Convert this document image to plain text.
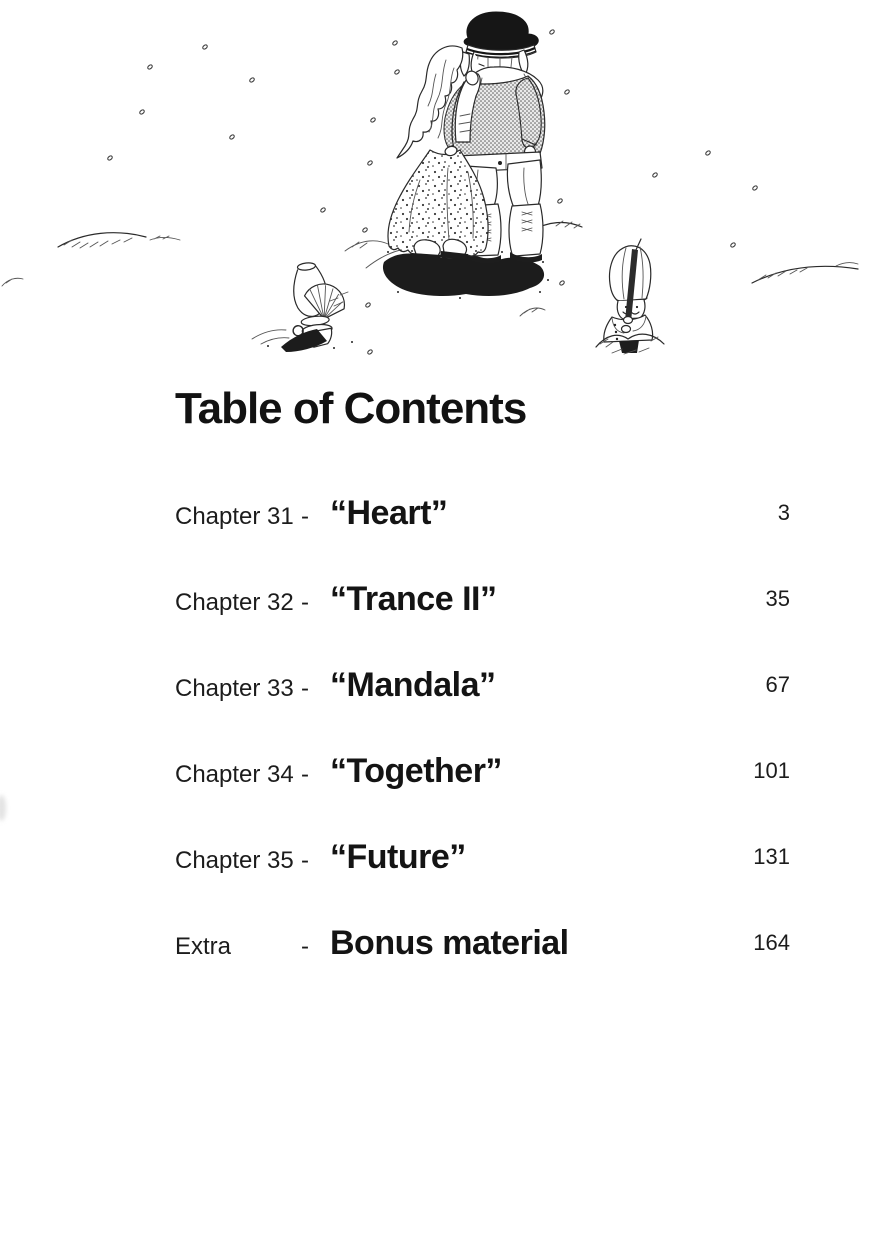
Table of Contents
Chapter 31 - “Heart”	3
Chapter 32 - “Trance II”	35
Chapter 33 - “Mandala”	67
Chapter 34 - “Together”	101
Chapter 35 - “Future”	131
Extra	- Bonus material	164
